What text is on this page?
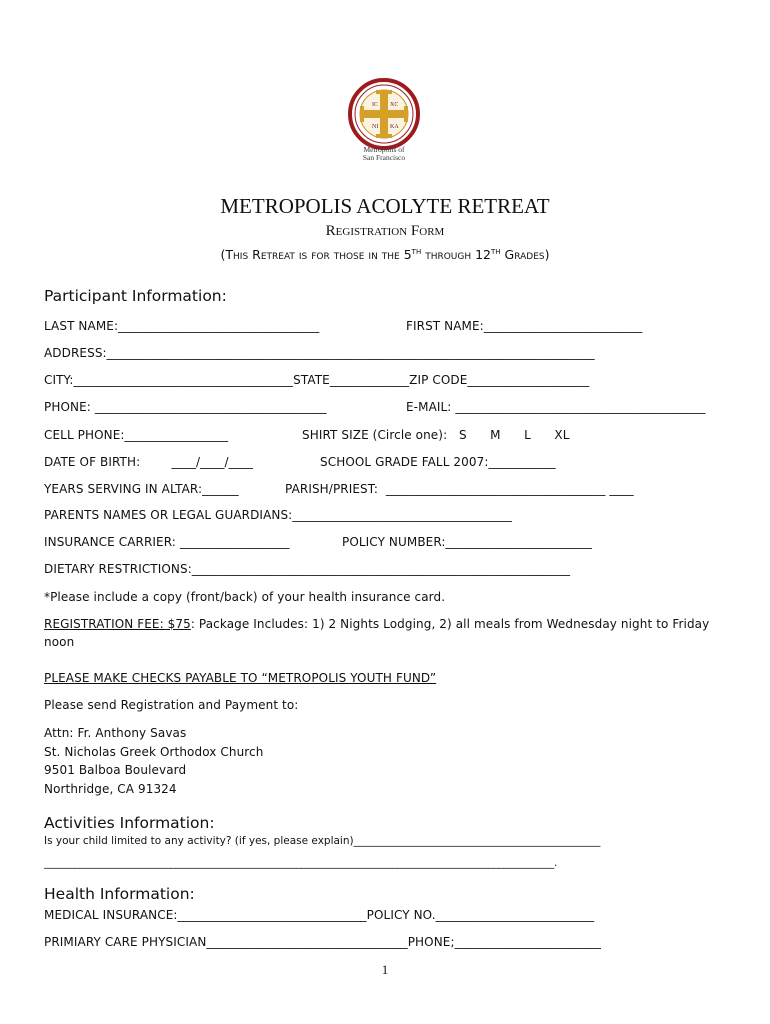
IC XC
NI KA
Metropolis of
San Francisco
METROPOLIS ACOLYTE RETREAT
Registration Form
(This Retreat is for those in the 5TH through 12TH Grades)
Participant Information:
LAST NAME:_________________________________	FIRST NAME:__________________________
ADDRESS:________________________________________________________________________________
CITY:____________________________________STATE_____________ZIP CODE____________________
PHONE: ______________________________________	E-MAIL: _________________________________________
CELL PHONE:_________________	SHIRT SIZE (Circle one):   S      M      L      XL
DATE OF BIRTH:        ____/____/____	SCHOOL GRADE FALL 2007:___________
YEARS SERVING IN ALTAR:______	PARISH/PRIEST:  ____________________________________ ____
PARENTS NAMES OR LEGAL GUARDIANS:____________________________________
INSURANCE CARRIER: __________________	POLICY NUMBER:________________________
DIETARY RESTRICTIONS:______________________________________________________________
*Please include a copy (front/back) of your health insurance card.
REGISTRATION FEE: $75: Package Includes: 1) 2 Nights Lodging, 2) all meals from Wednesday night to Friday
noon
PLEASE MAKE CHECKS PAYABLE TO “METROPOLIS YOUTH FUND”
Please send Registration and Payment to:
Attn: Fr. Anthony Savas
St. Nicholas Greek Orthodox Church
9501 Balboa Boulevard
Northridge, CA 91324
Activities Information:
Is your child limited to any activity? (if yes, please explain)_______________________________________________
_____________________________________________________________________________________________________.
Health Information:
MEDICAL INSURANCE:_______________________________POLICY NO.__________________________
PRIMIARY CARE PHYSICIAN_________________________________PHONE;________________________
1
